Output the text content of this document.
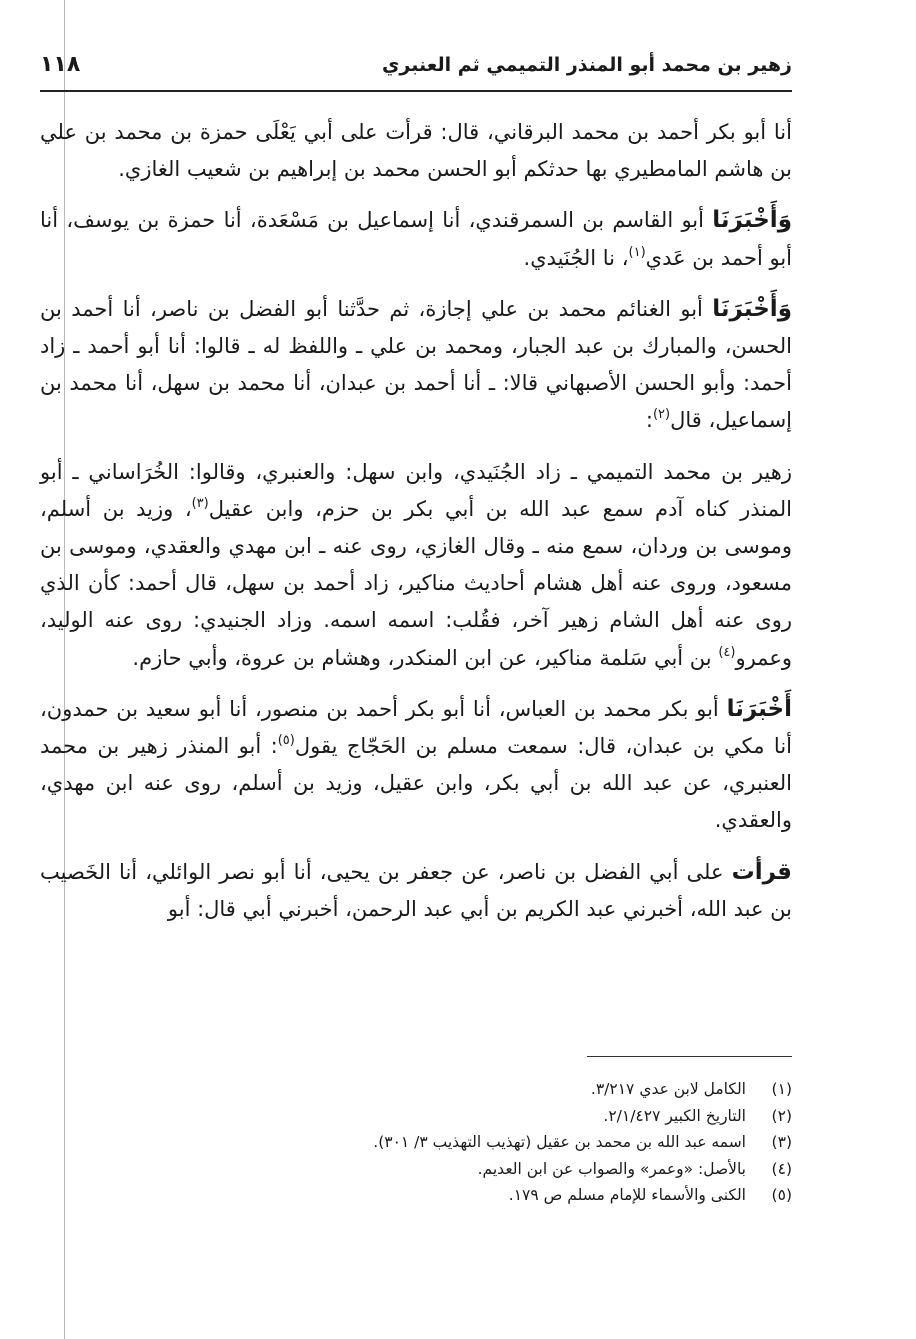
زهير بن محمد أبو المنذر التميمي ثم العنبري
١١٨

أنا أبو بكر أحمد بن محمد البرقاني، قال: قرأت على أبي يَعْلَى حمزة بن محمد بن علي بن هاشم المامطيري بها حدثكم أبو الحسن محمد بن إبراهيم بن شعيب الغازي.

وَأَخْبَرَنَا أبو القاسم بن السمرقندي، أنا إسماعيل بن مَسْعَدة، أنا حمزة بن يوسف، أنا أبو أحمد بن عَدي$^{(١)}$، نا الجُنَيدي.

وَأَخْبَرَنَا أبو الغنائم محمد بن علي إجازة، ثم حدَّثنا أبو الفضل بن ناصر، أنا أحمد بن الحسن، والمبارك بن عبد الجبار، ومحمد بن علي ـ واللفظ له ـ قالوا: أنا أبو أحمد ـ زاد أحمد: وأبو الحسن الأصبهاني قالا: ـ أنا أحمد بن عبدان، أنا محمد بن سهل، أنا محمد بن إسماعيل، قال$^{(٢)}$:

زهير بن محمد التميمي ـ زاد الجُنَيدي، وابن سهل: والعنبري، وقالوا: الخُرَاساني ـ أبو المنذر كناه آدم سمع عبد الله بن أبي بكر بن حزم، وابن عقيل$^{(٣)}$، وزيد بن أسلم، وموسى بن وردان، سمع منه ـ وقال الغازي، روى عنه ـ ابن مهدي والعقدي، وموسى بن مسعود، وروى عنه أهل هشام أحاديث مناكير، زاد أحمد بن سهل، قال أحمد: كأن الذي روى عنه أهل الشام زهير آخر، فقُلب: اسمه اسمه. وزاد الجنيدي: روى عنه الوليد، وعمرو$^{(٤)}$ بن أبي سَلمة مناكير، عن ابن المنكدر، وهشام بن عروة، وأبي حازم.

أَخْبَرَنَا أبو بكر محمد بن العباس، أنا أبو بكر أحمد بن منصور، أنا أبو سعيد بن حمدون، أنا مكي بن عبدان، قال: سمعت مسلم بن الحَجّاج يقول$^{(٥)}$: أبو المنذر زهير بن محمد العنبري، عن عبد الله بن أبي بكر، وابن عقيل، وزيد بن أسلم، روى عنه ابن مهدي، والعقدي.

قرأت على أبي الفضل بن ناصر، عن جعفر بن يحيى، أنا أبو نصر الوائلي، أنا الخَصيب بن عبد الله، أخبرني عبد الكريم بن أبي عبد الرحمن، أخبرني أبي قال: أبو

(١)
الكامل لابن عدي ٣/٢١٧.
(٢)
التاريخ الكبير ٢/١/٤٢٧.
(٣)
اسمه عبد الله بن محمد بن عقيل (تهذيب التهذيب ٣/ ٣٠١).
(٤)
بالأصل: «وعمر» والصواب عن ابن العديم.
(٥)
الكنى والأسماء للإمام مسلم ص ١٧٩.
